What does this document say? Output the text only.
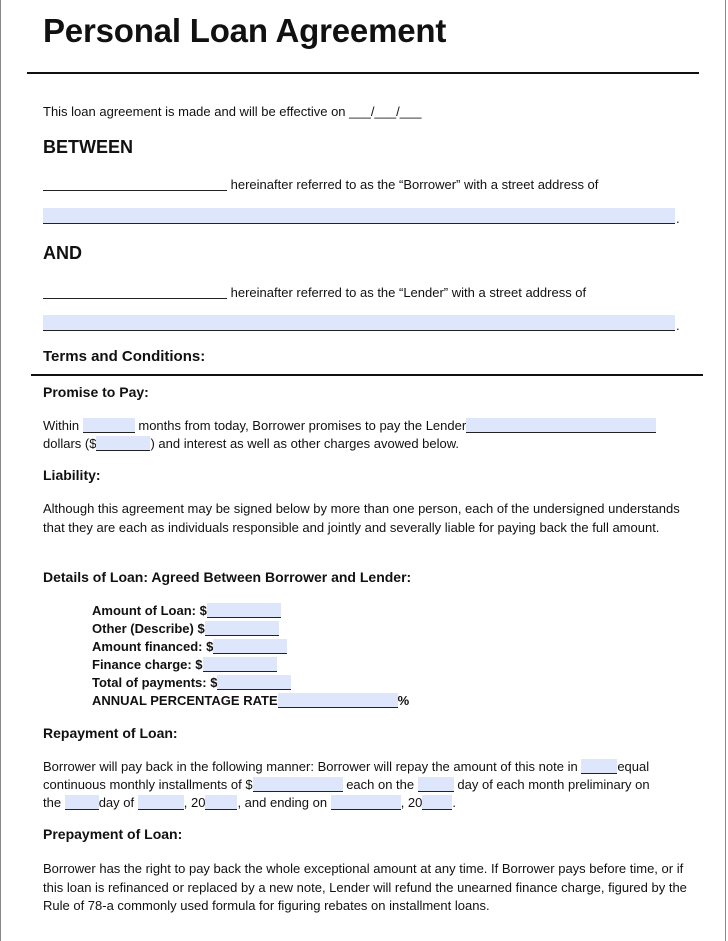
Personal Loan Agreement
This loan agreement is made and will be effective on ___/___/___
BETWEEN
hereinafter referred to as the “Borrower” with a street address of
.
AND
hereinafter referred to as the “Lender” with a street address of
.
Terms and Conditions:
Promise to Pay:
Within	months from today, Borrower promises to pay the Lender
dollars ($	) and interest as well as other charges avowed below.
Liability:
Although this agreement may be signed below by more than one person, each of the undersigned understands that they are each as individuals responsible and jointly and severally liable for paying back the full amount.
Details of Loan: Agreed Between Borrower and Lender:
Amount of Loan: $
Other (Describe) $
Amount financed: $
Finance charge: $
Total of payments: $
ANNUAL PERCENTAGE RATE	%
Repayment of Loan:
Borrower will pay back in the following manner: Borrower will repay the amount of this note in	equal
continuous monthly installments of $	each on the	day of each month preliminary on
the	day of	, 20 , and ending on	, 20 .
Prepayment of Loan:
Borrower has the right to pay back the whole exceptional amount at any time. If Borrower pays before time, or if this loan is refinanced or replaced by a new note, Lender will refund the unearned finance charge, figured by the Rule of 78-a commonly used formula for figuring rebates on installment loans.
